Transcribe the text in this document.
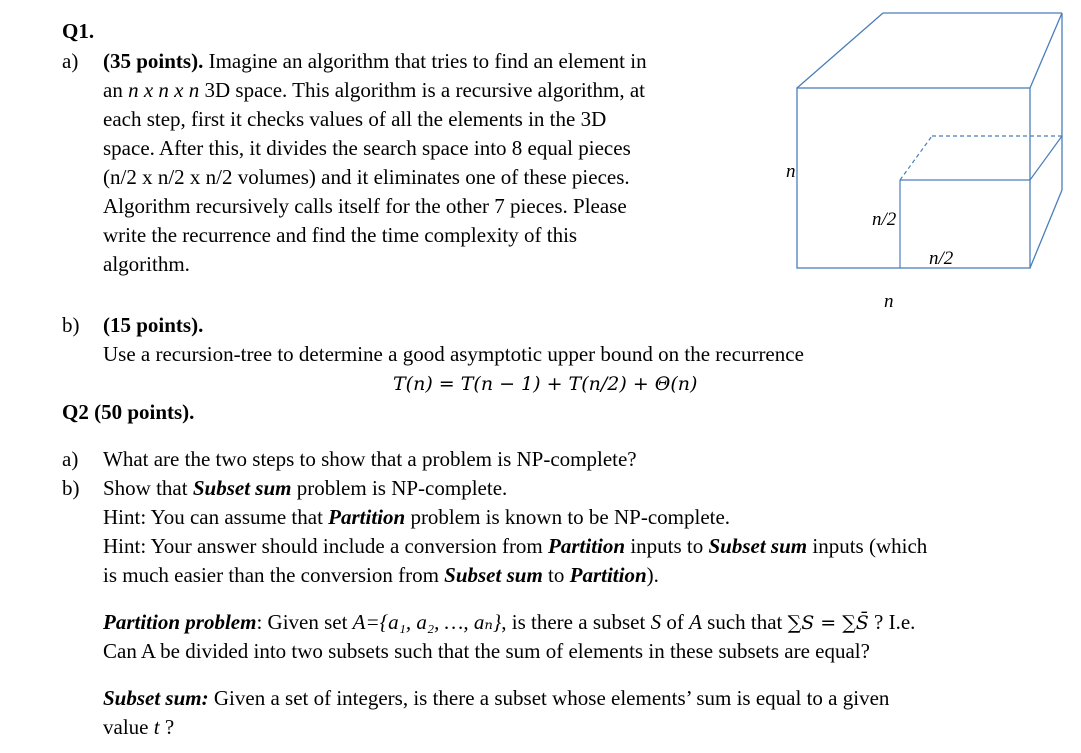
Q1.
a) (35 points). Imagine an algorithm that tries to find an element in
an n x n x n 3D space. This algorithm is a recursive algorithm, at
each step, first it checks values of all the elements in the 3D
space. After this, it divides the search space into 8 equal pieces
(n/2 x n/2 x n/2 volumes) and it eliminates one of these pieces.
Algorithm recursively calls itself for the other 7 pieces. Please
write the recurrence and find the time complexity of this
algorithm.
n
n/2
n/2
n
b) (15 points).
Use a recursion-tree to determine a good asymptotic upper bound on the recurrence
T(n) = T(n − 1) + T(n/2) + Θ(n)
Q2 (50 points).
a) What are the two steps to show that a problem is NP-complete?
b) Show that Subset sum problem is NP-complete.
Hint: You can assume that Partition problem is known to be NP-complete.
Hint: Your answer should include a conversion from Partition inputs to Subset sum inputs (which
is much easier than the conversion from Subset sum to Partition).
Partition problem: Given set A={a₁, a₂, …, aₙ}, is there a subset S of A such that ∑S = ∑S̄ ? I.e.
Can A be divided into two subsets such that the sum of elements in these subsets are equal?
Subset sum: Given a set of integers, is there a subset whose elements’ sum is equal to a given
value t ?
